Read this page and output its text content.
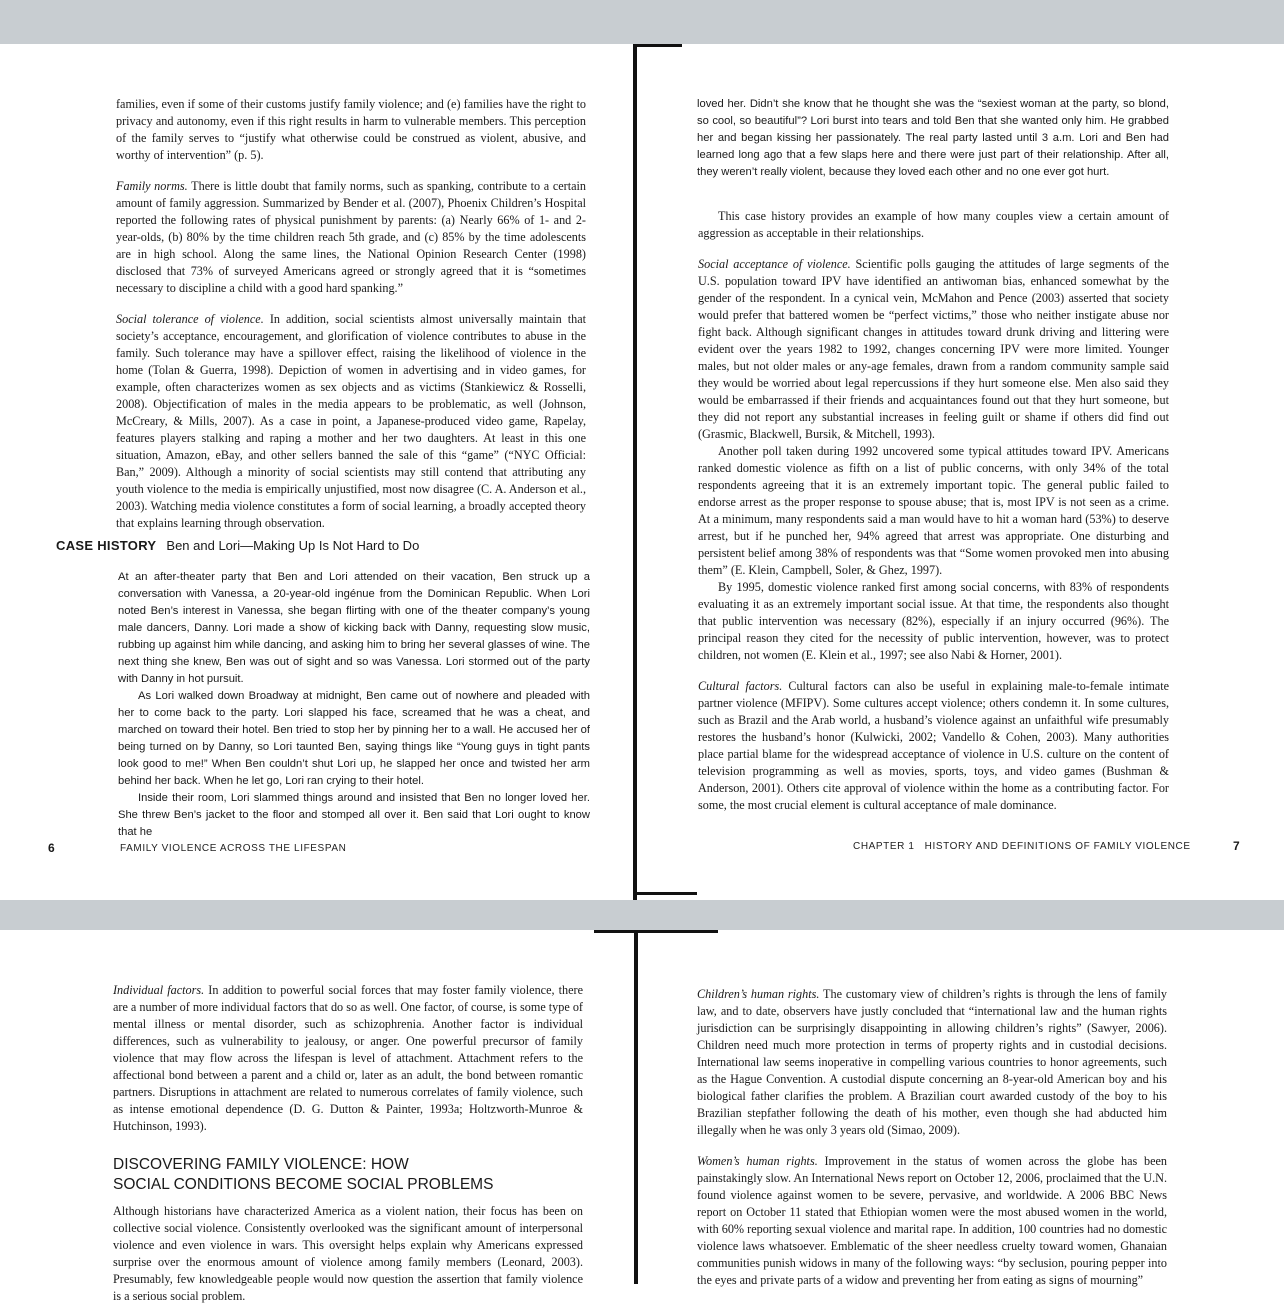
families, even if some of their customs justify family violence; and (e) families have the right to privacy and autonomy, even if this right results in harm to vulnerable members. This perception of the family serves to “justify what otherwise could be construed as violent, abusive, and worthy of intervention” (p. 5).

Family norms. There is little doubt that family norms, such as spanking, contribute to a certain amount of family aggression. Summarized by Bender et al. (2007), Phoenix Children’s Hospital reported the following rates of physical punishment by parents: (a) Nearly 66% of 1- and 2-year-olds, (b) 80% by the time children reach 5th grade, and (c) 85% by the time adolescents are in high school. Along the same lines, the National Opinion Research Center (1998) disclosed that 73% of surveyed Americans agreed or strongly agreed that it is “sometimes necessary to discipline a child with a good hard spanking.”

Social tolerance of violence. In addition, social scientists almost universally maintain that society’s acceptance, encouragement, and glorification of violence contributes to abuse in the family. Such tolerance may have a spillover effect, raising the likelihood of violence in the home (Tolan & Guerra, 1998). Depiction of women in advertising and in video games, for example, often characterizes women as sex objects and as victims (Stankiewicz & Rosselli, 2008). Objectification of males in the media appears to be problematic, as well (Johnson, McCreary, & Mills, 2007). As a case in point, a Japanese-produced video game, Rapelay, features players stalking and raping a mother and her two daughters. At least in this one situation, Amazon, eBay, and other sellers banned the sale of this “game” (“NYC Official: Ban,” 2009). Although a minority of social scientists may still contend that attributing any youth violence to the media is empirically unjustified, most now disagree (C. A. Anderson et al., 2003). Watching media violence constitutes a form of social learning, a broadly accepted theory that explains learning through observation.

CASE HISTORY Ben and Lori—Making Up Is Not Hard to Do

At an after-theater party that Ben and Lori attended on their vacation, Ben struck up a conversation with Vanessa, a 20-year-old ingénue from the Dominican Republic. When Lori noted Ben’s interest in Vanessa, she began flirting with one of the theater company’s young male dancers, Danny. Lori made a show of kicking back with Danny, requesting slow music, rubbing up against him while dancing, and asking him to bring her several glasses of wine. The next thing she knew, Ben was out of sight and so was Vanessa. Lori stormed out of the party with Danny in hot pursuit.

As Lori walked down Broadway at midnight, Ben came out of nowhere and pleaded with her to come back to the party. Lori slapped his face, screamed that he was a cheat, and marched on toward their hotel. Ben tried to stop her by pinning her to a wall. He accused her of being turned on by Danny, so Lori taunted Ben, saying things like “Young guys in tight pants look good to me!” When Ben couldn’t shut Lori up, he slapped her once and twisted her arm behind her back. When he let go, Lori ran crying to their hotel.

Inside their room, Lori slammed things around and insisted that Ben no longer loved her. She threw Ben’s jacket to the floor and stomped all over it. Ben said that Lori ought to know that he

6	FAMILY VIOLENCE ACROSS THE LIFESPAN

loved her. Didn’t she know that he thought she was the “sexiest woman at the party, so blond, so cool, so beautiful”? Lori burst into tears and told Ben that she wanted only him. He grabbed her and began kissing her passionately. The real party lasted until 3 a.m. Lori and Ben had learned long ago that a few slaps here and there were just part of their relationship. After all, they weren’t really violent, because they loved each other and no one ever got hurt.

This case history provides an example of how many couples view a certain amount of aggression as acceptable in their relationships.

Social acceptance of violence. Scientific polls gauging the attitudes of large segments of the U.S. population toward IPV have identified an antiwoman bias, enhanced somewhat by the gender of the respondent. In a cynical vein, McMahon and Pence (2003) asserted that society would prefer that battered women be “perfect victims,” those who neither instigate abuse nor fight back. Although significant changes in attitudes toward drunk driving and littering were evident over the years 1982 to 1992, changes concerning IPV were more limited. Younger males, but not older males or any-age females, drawn from a random community sample said they would be worried about legal repercussions if they hurt someone else. Men also said they would be embarrassed if their friends and acquaintances found out that they hurt someone, but they did not report any substantial increases in feeling guilt or shame if others did find out (Grasmic, Blackwell, Bursik, & Mitchell, 1993).

Another poll taken during 1992 uncovered some typical attitudes toward IPV. Americans ranked domestic violence as fifth on a list of public concerns, with only 34% of the total respondents agreeing that it is an extremely important topic. The general public failed to endorse arrest as the proper response to spouse abuse; that is, most IPV is not seen as a crime. At a minimum, many respondents said a man would have to hit a woman hard (53%) to deserve arrest, but if he punched her, 94% agreed that arrest was appropriate. One disturbing and persistent belief among 38% of respondents was that “Some women provoked men into abusing them” (E. Klein, Campbell, Soler, & Ghez, 1997).

By 1995, domestic violence ranked first among social concerns, with 83% of respondents evaluating it as an extremely important social issue. At that time, the respondents also thought that public intervention was necessary (82%), especially if an injury occurred (96%). The principal reason they cited for the necessity of public intervention, however, was to protect children, not women (E. Klein et al., 1997; see also Nabi & Horner, 2001).

Cultural factors. Cultural factors can also be useful in explaining male-to-female intimate partner violence (MFIPV). Some cultures accept violence; others condemn it. In some cultures, such as Brazil and the Arab world, a husband’s violence against an unfaithful wife presumably restores the husband’s honor (Kulwicki, 2002; Vandello & Cohen, 2003). Many authorities place partial blame for the widespread acceptance of violence in U.S. culture on the content of television programming as well as movies, sports, toys, and video games (Bushman & Anderson, 2001). Others cite approval of violence within the home as a contributing factor. For some, the most crucial element is cultural acceptance of male dominance.

CHAPTER 1   HISTORY AND DEFINITIONS OF FAMILY VIOLENCE	7

Individual factors. In addition to powerful social forces that may foster family violence, there are a number of more individual factors that do so as well. One factor, of course, is some type of mental illness or mental disorder, such as schizophrenia. Another factor is individual differences, such as vulnerability to jealousy, or anger. One powerful precursor of family violence that may flow across the lifespan is level of attachment. Attachment refers to the affectional bond between a parent and a child or, later as an adult, the bond between romantic partners. Disruptions in attachment are related to numerous correlates of family violence, such as intense emotional dependence (D. G. Dutton & Painter, 1993a; Holtzworth-Munroe & Hutchinson, 1993).

DISCOVERING FAMILY VIOLENCE: HOW
SOCIAL CONDITIONS BECOME SOCIAL PROBLEMS

Although historians have characterized America as a violent nation, their focus has been on collective social violence. Consistently overlooked was the significant amount of interpersonal violence and even violence in wars. This oversight helps explain why Americans expressed surprise over the enormous amount of violence among family members (Leonard, 2003). Presumably, few knowledgeable people would now question the assertion that family violence is a serious social problem.

Children’s human rights. The customary view of children’s rights is through the lens of family law, and to date, observers have justly concluded that “international law and the human rights jurisdiction can be surprisingly disappointing in allowing children’s rights” (Sawyer, 2006). Children need much more protection in terms of property rights and in custodial decisions. International law seems inoperative in compelling various countries to honor agreements, such as the Hague Convention. A custodial dispute concerning an 8-year-old American boy and his biological father clarifies the problem. A Brazilian court awarded custody of the boy to his Brazilian stepfather following the death of his mother, even though she had abducted him illegally when he was only 3 years old (Simao, 2009).

Women’s human rights. Improvement in the status of women across the globe has been painstakingly slow. An International News report on October 12, 2006, proclaimed that the U.N. found violence against women to be severe, pervasive, and worldwide. A 2006 BBC News report on October 11 stated that Ethiopian women were the most abused women in the world, with 60% reporting sexual violence and marital rape. In addition, 100 countries had no domestic violence laws whatsoever. Emblematic of the sheer needless cruelty toward women, Ghanaian communities punish widows in many of the following ways: “by seclusion, pouring pepper into the eyes and private parts of a widow and preventing her from eating as signs of mourning”
